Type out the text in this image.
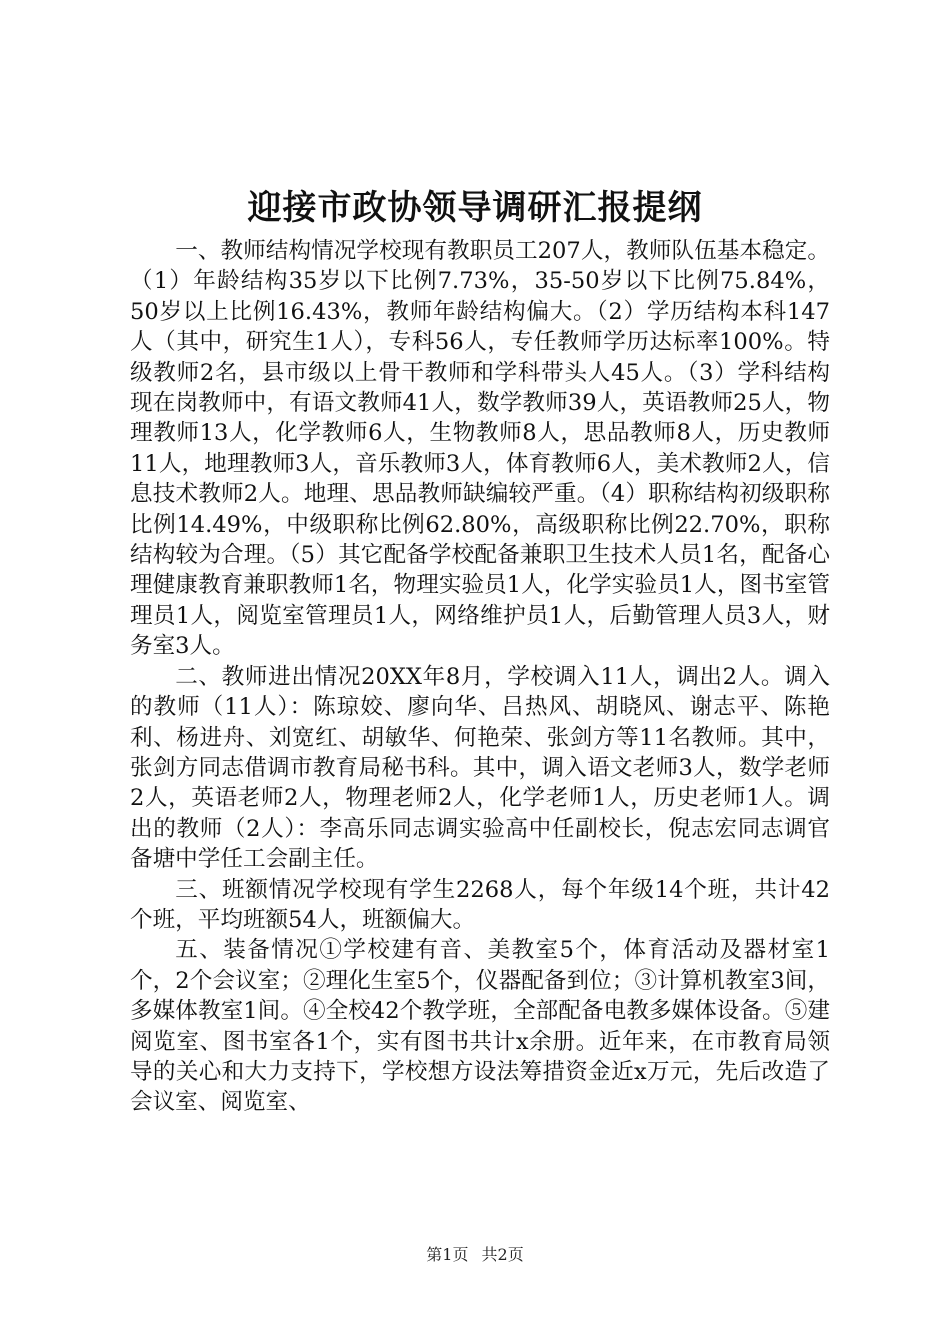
迎接市政协领导调研汇报提纲

一、教师结构情况学校现有教职员工207人，教师队伍基本稳定。（1）年龄结构35岁以下比例7.73%，35-50岁以下比例75.84%，50岁以上比例16.43%，教师年龄结构偏大。（2）学历结构本科147人（其中，研究生1人），专科56人，专任教师学历达标率100%。特级教师2名，县市级以上骨干教师和学科带头人45人。（3）学科结构现在岗教师中，有语文教师41人，数学教师39人，英语教师25人，物理教师13人，化学教师6人，生物教师8人，思品教师8人，历史教师11人，地理教师3人，音乐教师3人，体育教师6人，美术教师2人，信息技术教师2人。地理、思品教师缺编较严重。（4）职称结构初级职称比例14.49%，中级职称比例62.80%，高级职称比例22.70%，职称结构较为合理。（5）其它配备学校配备兼职卫生技术人员1名，配备心理健康教育兼职教师1名，物理实验员1人，化学实验员1人，图书室管理员1人，阅览室管理员1人，网络维护员1人，后勤管理人员3人，财务室3人。

二、教师进出情况20XX年8月，学校调入11人，调出2人。调入的教师（11人）：陈琼姣、廖向华、吕热风、胡晓风、谢志平、陈艳利、杨进舟、刘宽红、胡敏华、何艳荣、张剑方等11名教师。其中，张剑方同志借调市教育局秘书科。其中，调入语文老师3人，数学老师2人，英语老师2人，物理老师2人，化学老师1人，历史老师1人。调出的教师（2人）：李高乐同志调实验高中任副校长，倪志宏同志调官备塘中学任工会副主任。

三、班额情况学校现有学生2268人，每个年级14个班，共计42个班，平均班额54人，班额偏大。

五、装备情况①学校建有音、美教室5个，体育活动及器材室1个，2个会议室；②理化生室5个，仪器配备到位；③计算机教室3间，多媒体教室1间。④全校42个教学班，全部配备电教多媒体设备。⑤建阅览室、图书室各1个，实有图书共计x余册。近年来，在市教育局领导的关心和大力支持下，学校想方设法筹措资金近x万元，先后改造了会议室、阅览室、

第1页 共2页
